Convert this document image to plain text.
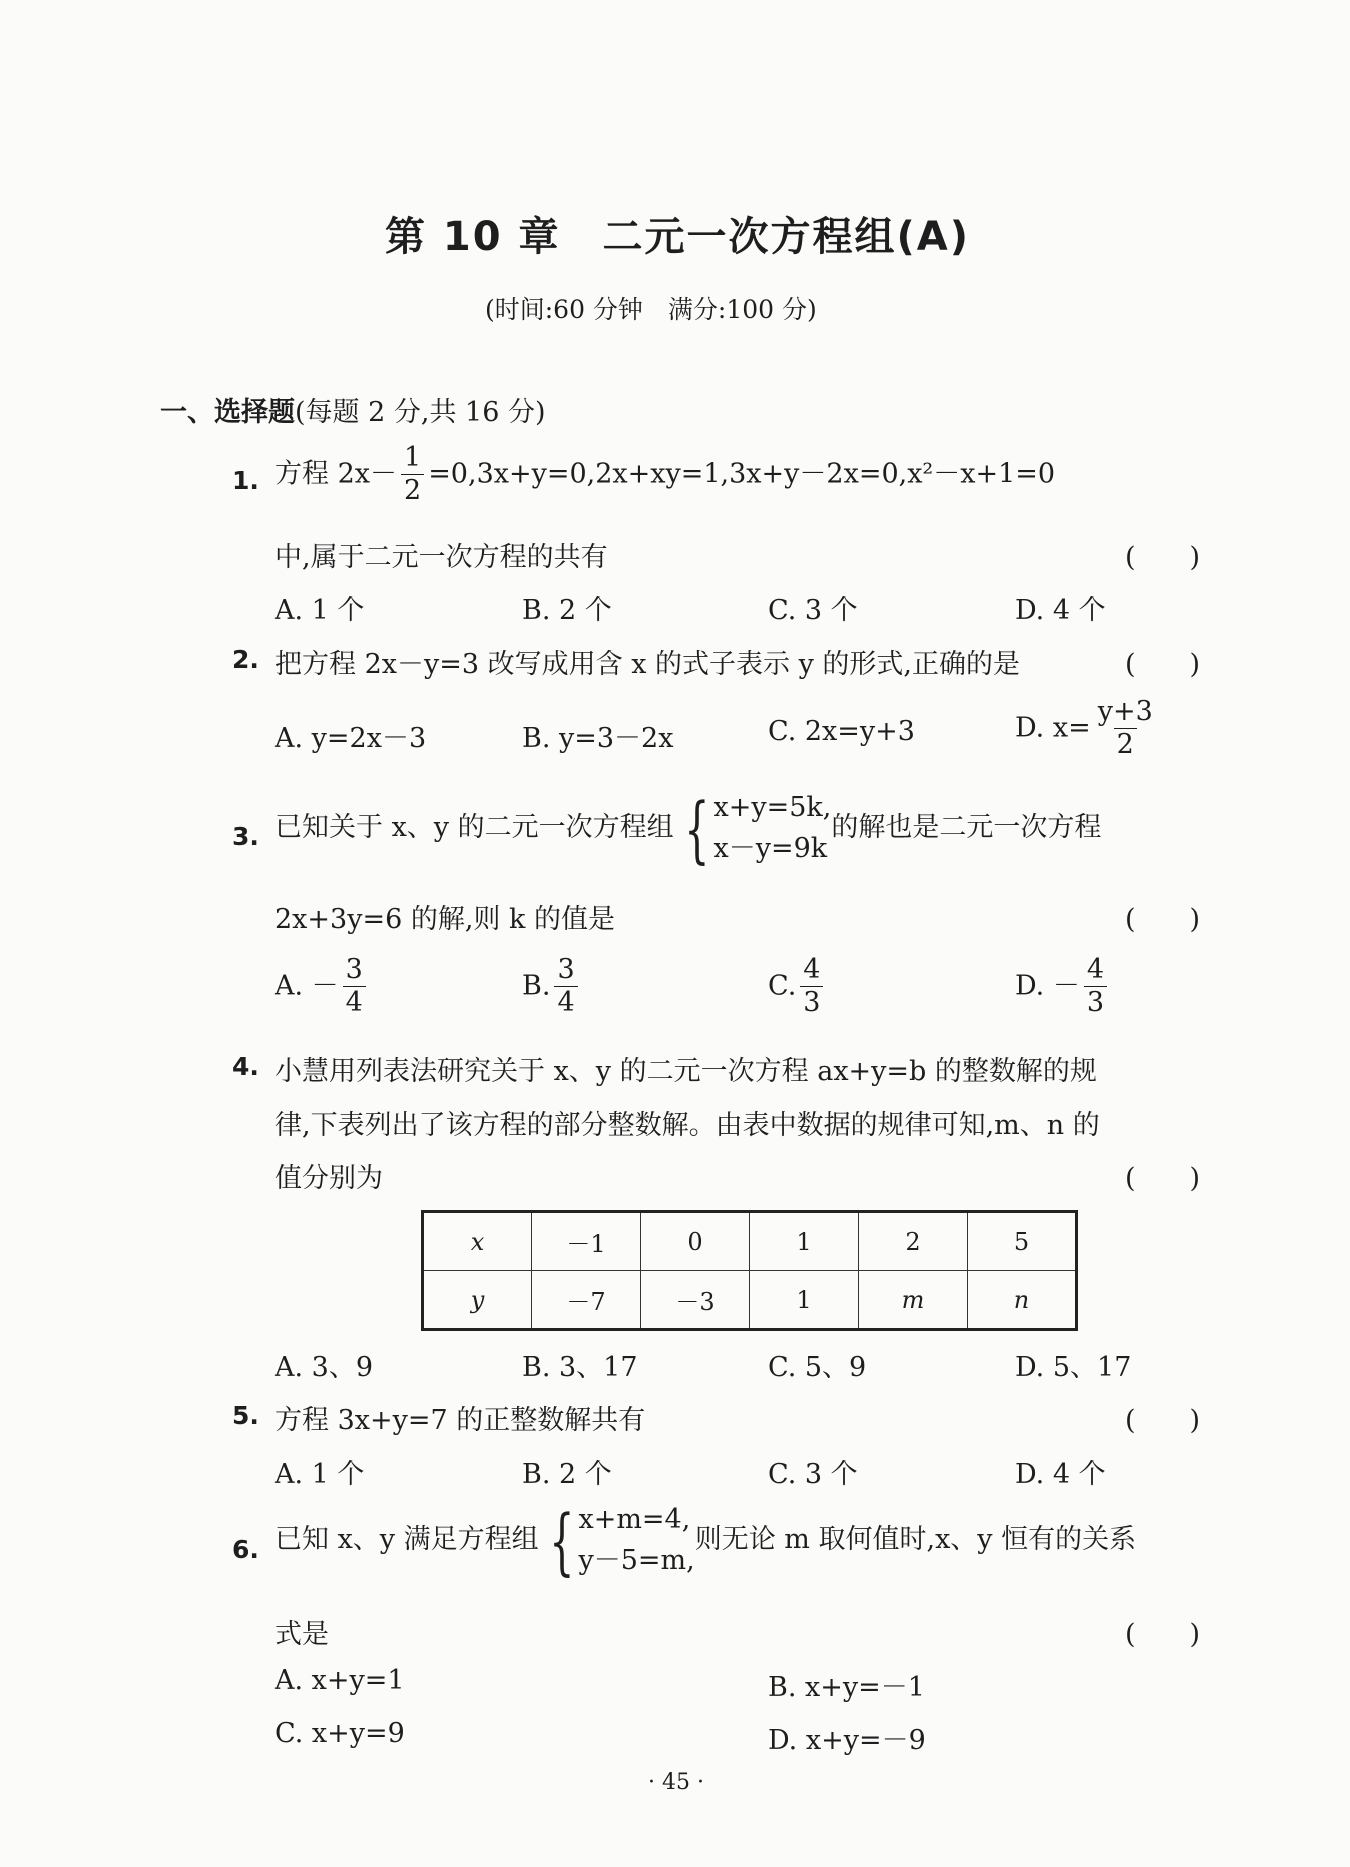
第 10 章　二元一次方程组(A)
(时间:60 分钟　满分:100 分)
一、选择题(每题 2 分,共 16 分)
1. 方程 $2x- \frac{1}{2} =0,3x+y=0,2x+xy=1,3x+y-2x=0,x^2-x+1=0$
中,属于二元一次方程的共有	(　　)
A. 1 个	B. 2 个	C. 3 个	D. 4 个
2. 把方程 2x－y=3 改写成用含 x 的式子表示 y 的形式,正确的是	(　　)
A. y=2x－3	B. y=3－2x	C. 2x=y+3	D. $x= \frac{y+3}{2}$
3. 已知关于 x、y 的二元一次方程组 { x+y=5k,
x－y=9k
的解也是二元一次方程
2x+3y=6 的解,则 k 的值是	(　　)
A. － $\frac{3}{4}$	B. $\frac{3}{4}$	C. $\frac{4}{3}$	D. － $\frac{4}{3}$
4. 小慧用列表法研究关于 x、y 的二元一次方程 ax+y=b 的整数解的规
律,下表列出了该方程的部分整数解。由表中数据的规律可知,m、n 的
值分别为	(　　)
x	－1	0	1	2	5
y	－7	－3	1	m	n
A. 3、9	B. 3、17	C. 5、9	D. 5、17
5. 方程 3x+y=7 的正整数解共有	(　　)
A. 1 个	B. 2 个	C. 3 个	D. 4 个
6. 已知 x、y 满足方程组 { x+m=4,
y－5=m,
则无论 m 取何值时,x、y 恒有的关系
式是	(　　)
A. x+y=1	B. x+y=－1
C. x+y=9	D. x+y=－9
· 45 ·
